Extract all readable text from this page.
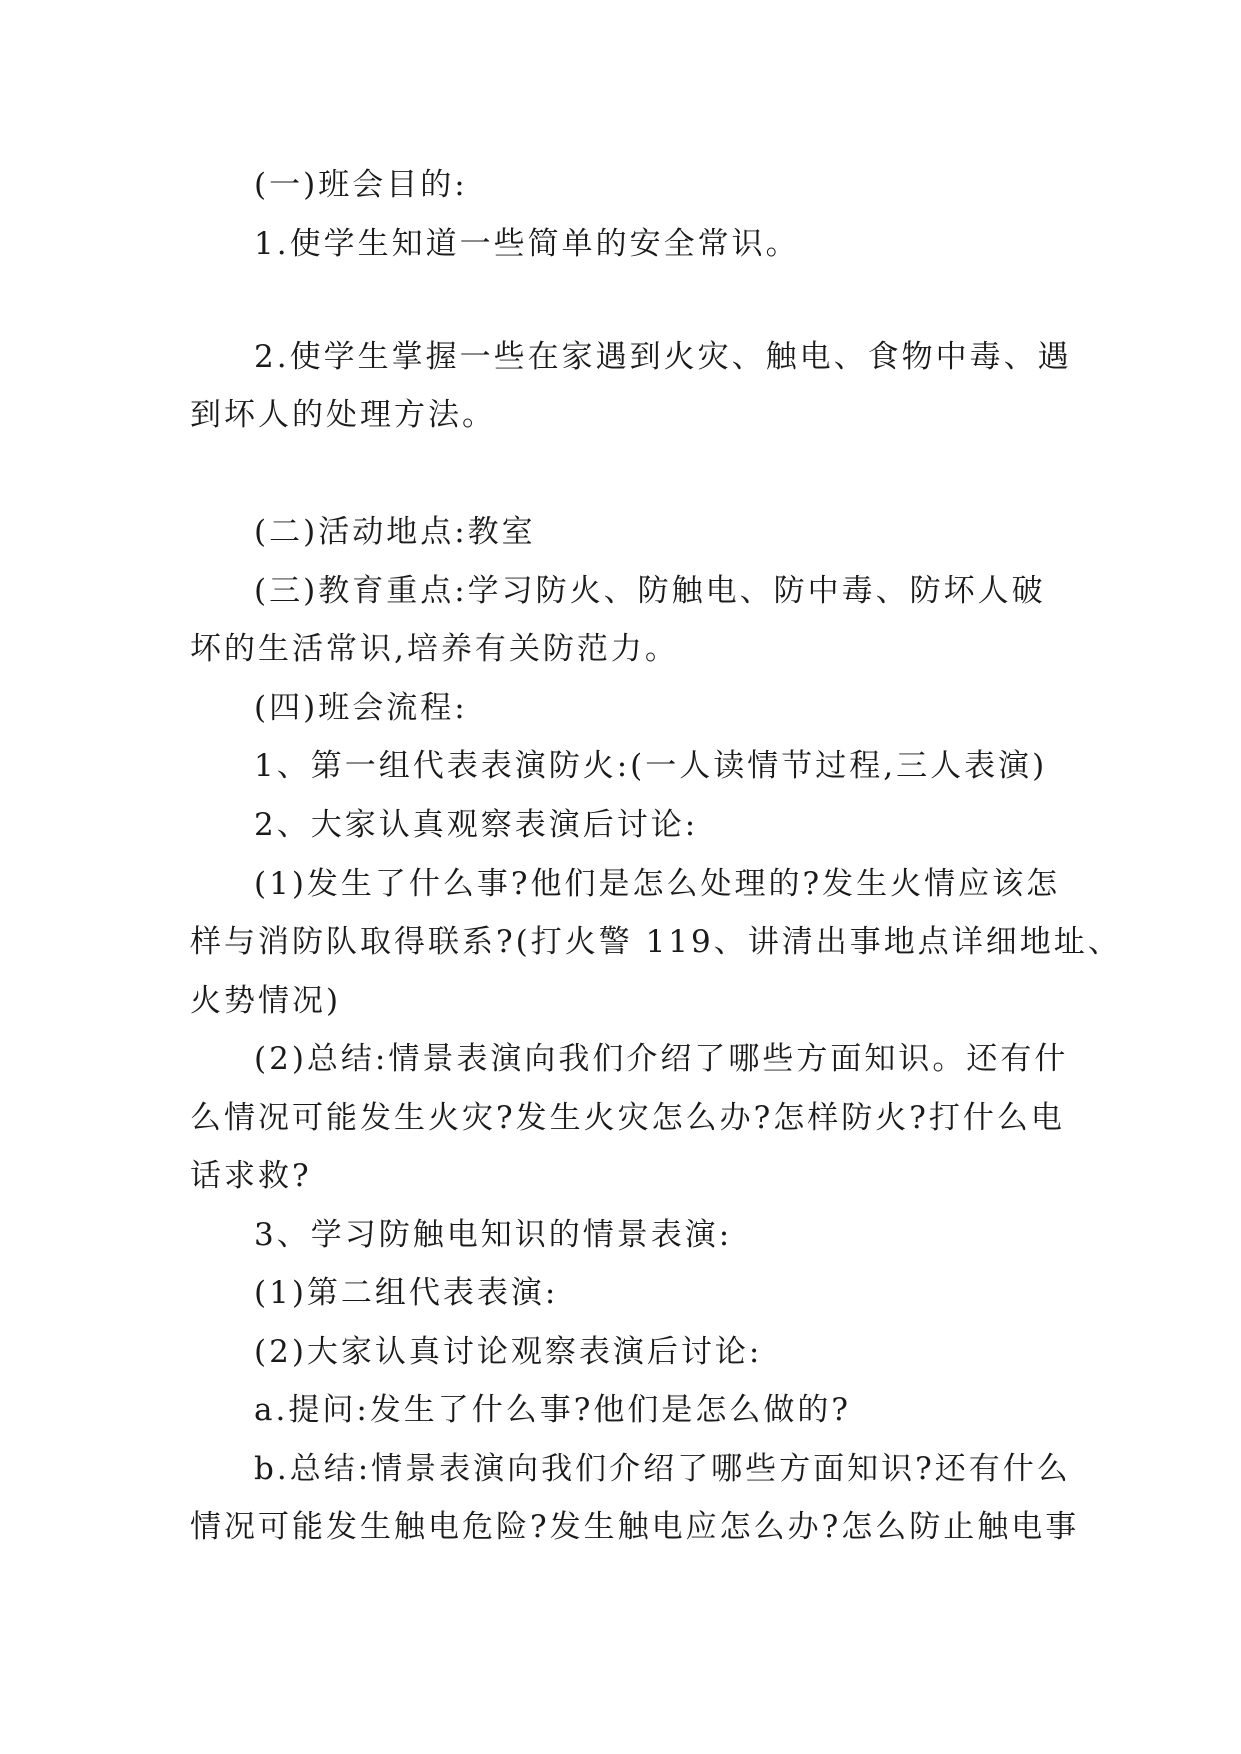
(一)班会目的:
1.使学生知道一些简单的安全常识。
2.使学生掌握一些在家遇到火灾、触电、食物中毒、遇
到坏人的处理方法。
(二)活动地点:教室
(三)教育重点:学习防火、防触电、防中毒、防坏人破
坏的生活常识,培养有关防范力。
(四)班会流程:
1、第一组代表表演防火:(一人读情节过程,三人表演)
2、大家认真观察表演后讨论:
(1)发生了什么事?他们是怎么处理的?发生火情应该怎
样与消防队取得联系?(打火警 119、讲清出事地点详细地址、
火势情况)
(2)总结:情景表演向我们介绍了哪些方面知识。还有什
么情况可能发生火灾?发生火灾怎么办?怎样防火?打什么电
话求救?
3、学习防触电知识的情景表演:
(1)第二组代表表演:
(2)大家认真讨论观察表演后讨论:
a.提问:发生了什么事?他们是怎么做的?
b.总结:情景表演向我们介绍了哪些方面知识?还有什么
情况可能发生触电危险?发生触电应怎么办?怎么防止触电事
